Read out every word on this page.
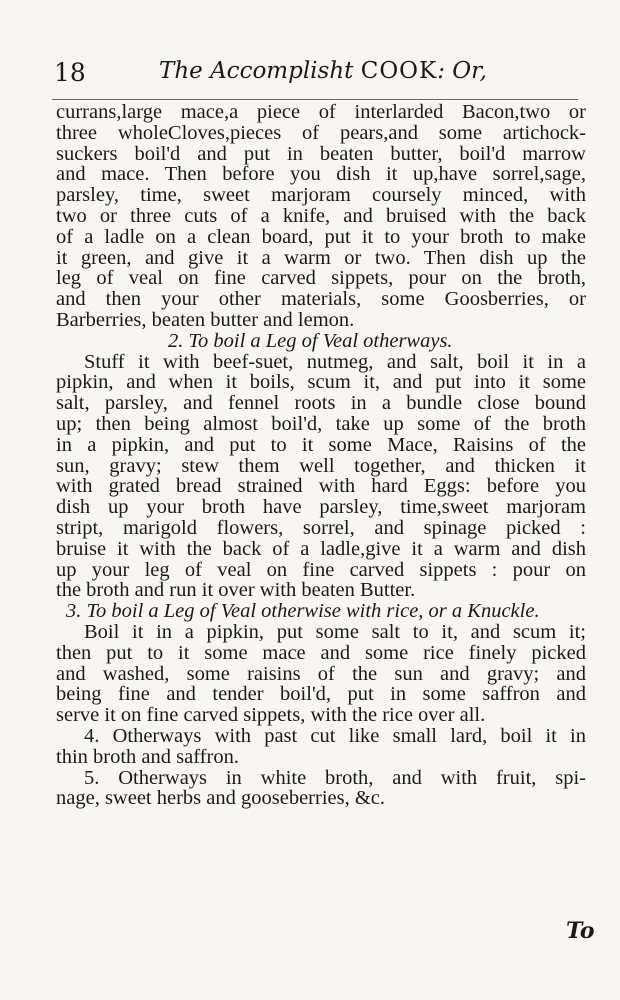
18	The Accomplisht COOK: Or,
currans,large mace,a piece of interlarded Bacon,two or
three wholeCloves,pieces of pears,and some artichock-
suckers boil'd and put in beaten butter, boil'd marrow
and mace. Then before you dish it up,have sorrel,sage,
parsley, time, sweet marjoram coursely minced, with
two or three cuts of a knife, and bruised with the back
of a ladle on a clean board, put it to your broth to make
it green, and give it a warm or two. Then dish up the
leg of veal on fine carved sippets, pour on the broth,
and then your other materials, some Goosberries, or
Barberries, beaten butter and lemon.
2. To boil a Leg of Veal otherways.
Stuff it with beef-suet, nutmeg, and salt, boil it in a
pipkin, and when it boils, scum it, and put into it some
salt, parsley, and fennel roots in a bundle close bound
up; then being almost boil'd, take up some of the broth
in a pipkin, and put to it some Mace, Raisins of the
sun, gravy; stew them well together, and thicken it
with grated bread strained with hard Eggs: before you
dish up your broth have parsley, time,sweet marjoram
stript, marigold flowers, sorrel, and spinage picked :
bruise it with the back of a ladle,give it a warm and dish
up your leg of veal on fine carved sippets : pour on
the broth and run it over with beaten Butter.
3. To boil a Leg of Veal otherwise with rice, or a Knuckle.
Boil it in a pipkin, put some salt to it, and scum it;
then put to it some mace and some rice finely picked
and washed, some raisins of the sun and gravy; and
being fine and tender boil'd, put in some saffron and
serve it on fine carved sippets, with the rice over all.
4. Otherways with past cut like small lard, boil it in
thin broth and saffron.
5. Otherways in white broth, and with fruit, spi-
nage, sweet herbs and gooseberries, &c.
To
